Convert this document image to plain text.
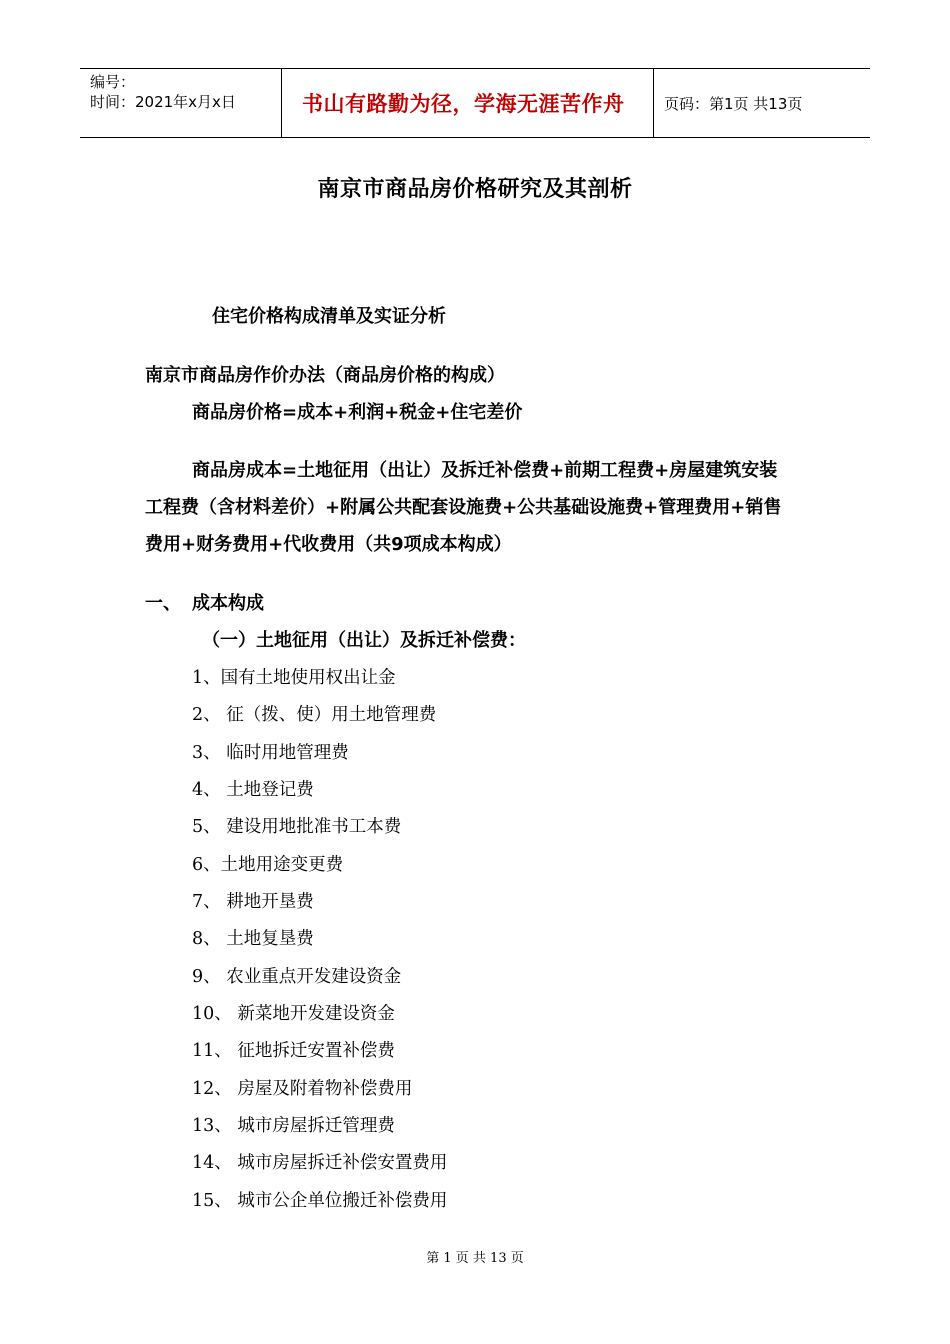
编号：
时间：2021年x月x日	书山有路勤为径，学海无涯苦作舟	页码：第1页 共13页
南京市商品房价格研究及其剖析
住宅价格构成清单及实证分析
南京市商品房作价办法（商品房价格的构成）
商品房价格=成本+利润+税金+住宅差价
商品房成本=土地征用（出让）及拆迁补偿费+前期工程费+房屋建筑安装
工程费（含材料差价）+附属公共配套设施费+公共基础设施费+管理费用+销售
费用+财务费用+代收费用（共9项成本构成）
一、 成本构成
（一）土地征用（出让）及拆迁补偿费：
1、国有土地使用权出让金
2、 征（拨、使）用土地管理费
3、 临时用地管理费
4、 土地登记费
5、 建设用地批准书工本费
6、土地用途变更费
7、 耕地开垦费
8、 土地复垦费
9、 农业重点开发建设资金
10、 新菜地开发建设资金
11、 征地拆迁安置补偿费
12、 房屋及附着物补偿费用
13、 城市房屋拆迁管理费
14、 城市房屋拆迁补偿安置费用
15、 城市公企单位搬迁补偿费用
第 1 页 共 13 页
